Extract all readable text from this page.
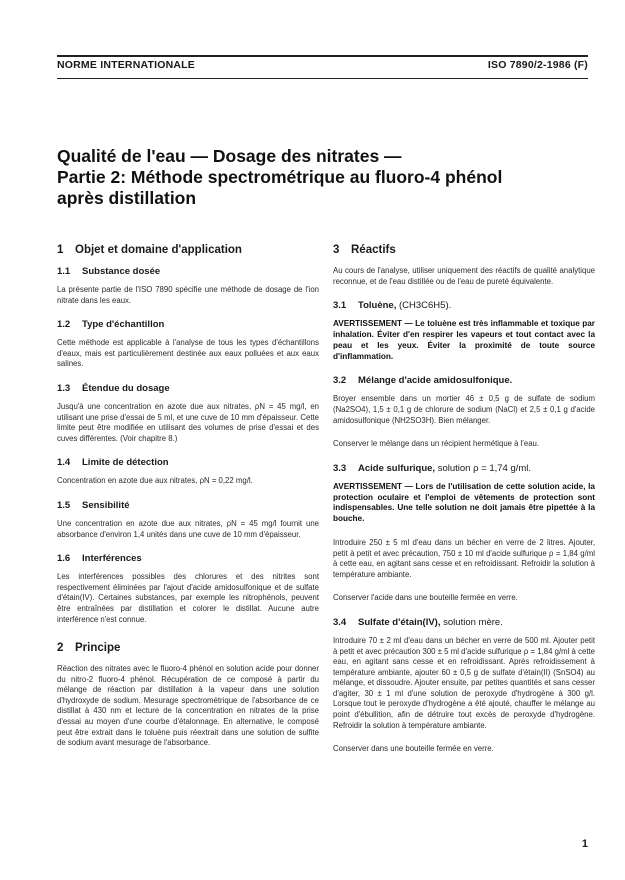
NORME INTERNATIONALE	ISO 7890/2-1986 (F)
Qualité de l'eau — Dosage des nitrates —
Partie 2: Méthode spectrométrique au fluoro-4 phénol
après distillation
1	Objet et domaine d'application
1.1	Substance dosée

La présente partie de l'ISO 7890 spécifie une méthode de dosage de l'ion nitrate dans les eaux.

1.2	Type d'échantillon

Cette méthode est applicable à l'analyse de tous les types d'échantillons d'eaux, mais est particulièrement destinée aux eaux polluées et aux eaux salines.

1.3	Étendue du dosage

Jusqu'à une concentration en azote due aux nitrates, ρN = 45 mg/l, en utilisant une prise d'essai de 5 ml, et une cuve de 10 mm d'épaisseur. Cette limite peut être modifiée en utilisant des volumes de prise d'essai et des cuves différentes. (Voir chapitre 8.)

1.4	Limite de détection

Concentration en azote due aux nitrates, ρN = 0,22 mg/l.

1.5	Sensibilité

Une concentration en azote due aux nitrates, ρN = 45 mg/l fournit une absorbance d'environ 1,4 unités dans une cuve de 10 mm d'épaisseur.

1.6	Interférences

Les interférences possibles des chlorures et des nitrites sont respectivement éliminées par l'ajout d'acide amidosulfonique et de sulfate d'étain(IV). Certaines substances, par exemple les nitrophénols, peuvent être entraînées par distillation et colorer le distillat. Aucune autre interférence n'est connue.

2	Principe

Réaction des nitrates avec le fluoro-4 phénol en solution acide pour donner du nitro-2 fluoro-4 phénol. Récupération de ce composé à partir du mélange de réaction par distillation à la vapeur dans une solution d'hydroxyde de sodium. Mesurage spectrométrique de l'absorbance de ce distillat à 430 nm et lecture de la concentration en nitrates de la prise d'essai au moyen d'une courbe d'étalonnage. En alternative, le composé peut être extrait dans le toluène puis réextrait dans une solution de sulfite de sodium avant mesurage de l'absorbance.

3	Réactifs

Au cours de l'analyse, utiliser uniquement des réactifs de qualité analytique reconnue, et de l'eau distillée ou de l'eau de pureté équivalente.

3.1	Toluène,
(CH3C6H5).

AVERTISSEMENT — Le toluène est très inflammable et toxique par inhalation. Éviter d'en respirer les vapeurs et tout contact avec la peau et les yeux. Éviter la proximité de toute source d'inflammation.

3.2	Mélange d'acide amidosulfonique.

Broyer ensemble dans un mortier 46 ± 0,5 g de sulfate de sodium (Na2SO4), 1,5 ± 0,1 g de chlorure de sodium (NaCl) et 2,5 ± 0,1 g d'acide amidosulfonique (NH2SO3H). Bien mélanger.

Conserver le mélange dans un récipient hermétique à l'eau.

3.3	Acide sulfurique,
solution ρ = 1,74 g/ml.

AVERTISSEMENT — Lors de l'utilisation de cette solution acide, la protection oculaire et l'emploi de vêtements de protection sont indispensables. Une telle solution ne doit jamais être pipettée à la bouche.

Introduire 250 ± 5 ml d'eau dans un bécher en verre de 2 litres. Ajouter, petit à petit et avec précaution, 750 ± 10 ml d'acide sulfurique ρ = 1,84 g/ml à cette eau, en agitant sans cesse et en refroidissant. Refroidir la solution à température ambiante.

Conserver l'acide dans une bouteille fermée en verre.

3.4	Sulfate d'étain(IV),
solution mère.

Introduire 70 ± 2 ml d'eau dans un bécher en verre de 500 ml. Ajouter petit à petit et avec précaution 300 ± 5 ml d'acide sulfurique ρ = 1,84 g/ml à cette eau, en agitant sans cesse et en refroidissant. Après refroidissement à température ambiante, ajouter 60 ± 0,5 g de sulfate d'étain(II) (SnSO4) au mélange, et dissoudre. Ajouter ensuite, par petites quantités et sans cesser d'agiter, 30 ± 1 ml d'une solution de peroxyde d'hydrogène à 300 g/l. Lorsque tout le peroxyde d'hydrogène a été ajouté, chauffer le mélange au point d'ébullition, afin de détruire tout excès de peroxyde d'hydrogène. Refroidir la solution à température ambiante.

Conserver dans une bouteille fermée en verre.

1
